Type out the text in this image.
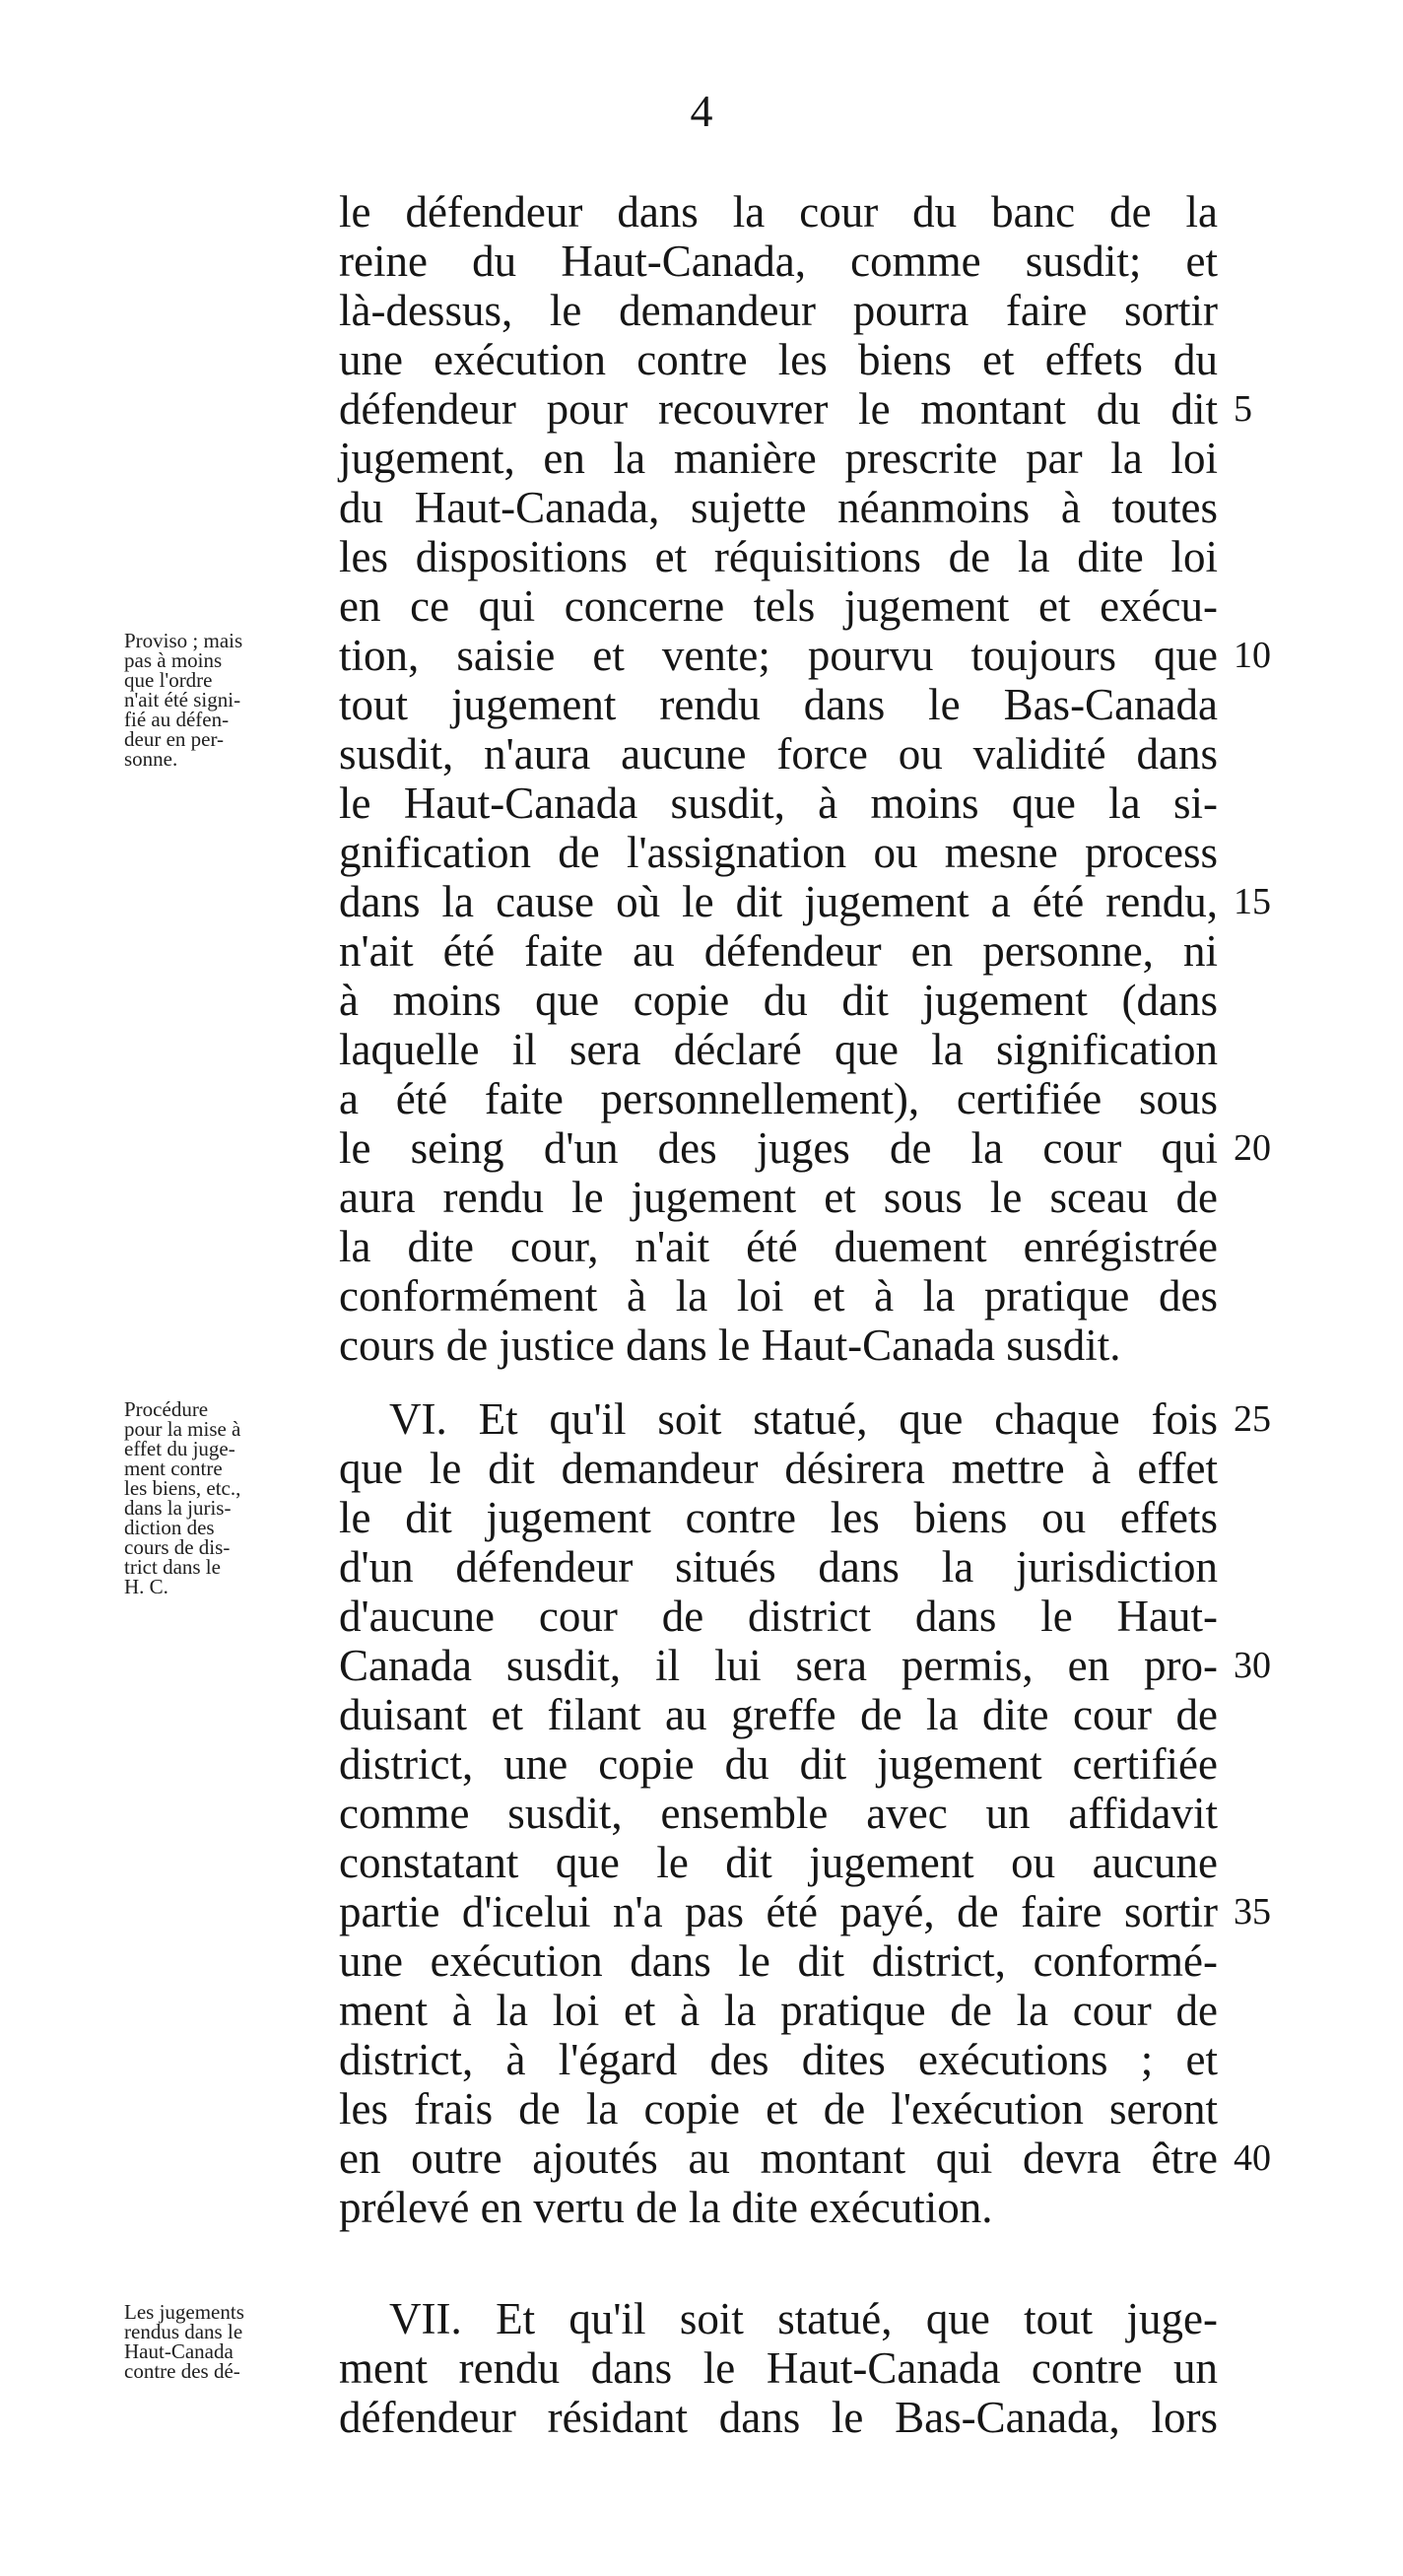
4
le défendeur dans la cour du banc de la
reine du Haut-Canada, comme susdit; et
là-dessus, le demandeur pourra faire sortir
une exécution contre les biens et effets du
défendeur pour recouvrer le montant du dit 5
jugement, en la manière prescrite par la loi
du Haut-Canada, sujette néanmoins à toutes
les dispositions et réquisitions de la dite loi
en ce qui concerne tels jugement et exécu-
tion, saisie et vente; pourvu toujours que 10
tout jugement rendu dans le Bas-Canada
susdit, n'aura aucune force ou validité dans
le Haut-Canada susdit, à moins que la si-
gnification de l'assignation ou mesne process
dans la cause où le dit jugement a été rendu, 15
n'ait été faite au défendeur en personne, ni
à moins que copie du dit jugement (dans
laquelle il sera déclaré que la signification
a été faite personnellement), certifiée sous
le seing d'un des juges de la cour qui 20
aura rendu le jugement et sous le sceau de
la dite cour, n'ait été duement enrégistrée
conformément à la loi et à la pratique des
cours de justice dans le Haut-Canada susdit.
VI. Et qu'il soit statué, que chaque fois 25
que le dit demandeur désirera mettre à effet
le dit jugement contre les biens ou effets
d'un défendeur situés dans la jurisdiction
d'aucune cour de district dans le Haut-
Canada susdit, il lui sera permis, en pro- 30
duisant et filant au greffe de la dite cour de
district, une copie du dit jugement certifiée
comme susdit, ensemble avec un affidavit
constatant que le dit jugement ou aucune
partie d'icelui n'a pas été payé, de faire sortir 35
une exécution dans le dit district, conformé-
ment à la loi et à la pratique de la cour de
district, à l'égard des dites exécutions ; et
les frais de la copie et de l'exécution seront
en outre ajoutés au montant qui devra être 40
prélevé en vertu de la dite exécution.
VII. Et qu'il soit statué, que tout juge-
ment rendu dans le Haut-Canada contre un
défendeur résidant dans le Bas-Canada, lors
Proviso ; mais
pas à moins
que l'ordre
n'ait été signi-
fié au défen-
deur en per-
sonne.
Procédure
pour la mise à
effet du juge-
ment contre
les biens, etc.,
dans la juris-
diction des
cours de dis-
trict dans le
H. C.
Les jugements
rendus dans le
Haut-Canada
contre des dé-
